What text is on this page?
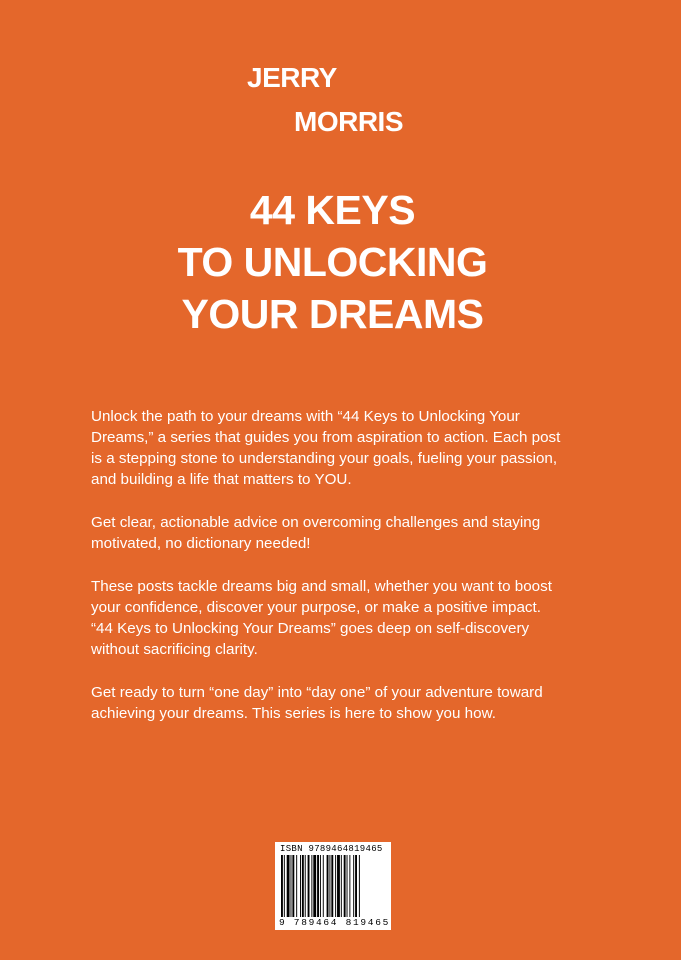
JERRY
MORRIS
44 KEYS
TO UNLOCKING
YOUR DREAMS

Unlock the path to your dreams with “44 Keys to Unlocking Your
Dreams,” a series that guides you from aspiration to action. Each post
is a stepping stone to understanding your goals, fueling your passion,
and building a life that matters to YOU.

Get clear, actionable advice on overcoming challenges and staying
motivated, no dictionary needed!

These posts tackle dreams big and small, whether you want to boost
your confidence, discover your purpose, or make a positive impact.
“44 Keys to Unlocking Your Dreams” goes deep on self-discovery
without sacrificing clarity.

Get ready to turn “one day” into “day one” of your adventure toward
achieving your dreams. This series is here to show you how.

ISBN 9789464819465
9 789464 819465
